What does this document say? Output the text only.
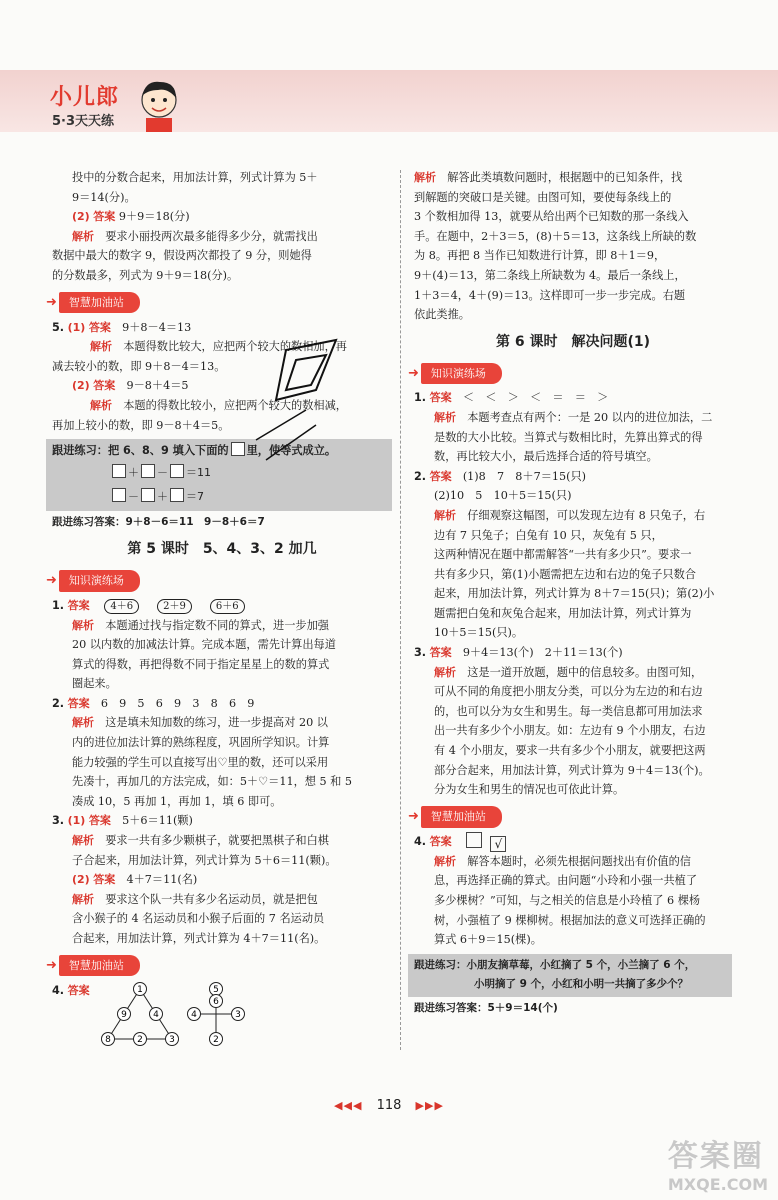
小儿郎
5·3天天练

投中的分数合起来，用加法计算，列式计算为 5＋

9＝14(分)。

(2) 答案 9＋9＝18(分)

解析　 要求小丽投两次最多能得多少分，就需找出

数据中最大的数字 9，假设两次都投了 9 分，则她得

的分数最多，列式为 9＋9＝18(分)。

➜	智慧加油站

5. (1) 答案　 9＋8－4＝13

解析　 本题得数比较大，应把两个较大的数相加，再

减去较小的数，即 9＋8－4＝13。

(2) 答案　 9－8＋4＝5

解析　 本题的得数比较小，应把两个较大的数相减，

再加上较小的数，即 9－8＋4＝5。

跟进练习：把 6、8、9 填入下面的 里，使等式成立。
＋ － ＝11
－ ＋ ＝7
跟进练习答案：9＋8－6＝11　9－8＋6＝7
第 5 课时　5、4、3、2 加几
➜	知识演练场

1. 答案　 4＋6	2＋9	6＋6

解析　 本题通过找与指定数不同的算式，进一步加强

20 以内数的加减法计算。完成本题，需先计算出每道

算式的得数，再把得数不同于指定星星上的数的算式

圈起来。

2. 答案　 6　9　5　6　9　3　8　6　9

解析　 这是填未知加数的练习，进一步提高对 20 以

内的进位加法计算的熟练程度，巩固所学知识。计算

能力较强的学生可以直接写出♡里的数，还可以采用

先凑十，再加几的方法完成，如：5＋♡＝11，想 5 和 5

凑成 10，5 再加 1，再加 1，填 6 即可。

3. (1) 答案　 5＋6＝11(颗)

解析　 要求一共有多少颗棋子，就要把黑棋子和白棋

子合起来，用加法计算，列式计算为 5＋6＝11(颗)。

(2) 答案　 4＋7＝11(名)

解析　 要求这个队一共有多少名运动员，就是把包

含小猴子的 4 名运动员和小猴子后面的 7 名运动员

合起来，用加法计算，列式计算为 4＋7＝11(名)。

➜	智慧加油站
4. 答案	1
9	4
8	2	3
5
6
4	3
2

解析　 解答此类填数问题时，根据题中的已知条件，找

到解题的突破口是关键。由图可知，要使每条线上的

3 个数相加得 13，就要从给出两个已知数的那一条线入

手。在题中，2＋3＝5，(8)＋5＝13，这条线上所缺的数

为 8。再把 8 当作已知数进行计算，即 8＋1＝9，

9＋(4)＝13，第二条线上所缺数为 4。最后一条线上，

1＋3＝4，4＋(9)＝13。这样即可一步一步完成。右题

依此类推。

第 6 课时　解决问题(1)
➜	知识演练场

1. 答案　 ＜　＜　＞　＜　＝　＝　＞

解析　 本题考查点有两个：一是 20 以内的进位加法，二

是数的大小比较。当算式与数相比时，先算出算式的得

数，再比较大小，最后选择合适的符号填空。

2. 答案　 (1)8　7　8＋7＝15(只)

(2)10　5　10＋5＝15(只)

解析　 仔细观察这幅图，可以发现左边有 8 只兔子，右

边有 7 只兔子；白兔有 10 只，灰兔有 5 只，

这两种情况在题中都需解答“一共有多少只”。要求一

共有多少只，第(1)小题需把左边和右边的兔子只数合

起来，用加法计算，列式计算为 8＋7＝15(只)；第(2)小

题需把白兔和灰兔合起来，用加法计算，列式计算为

10＋5＝15(只)。

3. 答案　 9＋4＝13(个)　2＋11＝13(个)

解析　 这是一道开放题，题中的信息较多。由图可知，

可从不同的角度把小朋友分类，可以分为左边的和右边

的，也可以分为女生和男生。每一类信息都可用加法求

出一共有多少个小朋友。如：左边有 9 个小朋友，右边

有 4 个小朋友，要求一共有多少个小朋友，就要把这两

部分合起来，用加法计算，列式计算为 9＋4＝13(个)。

分为女生和男生的情况也可依此计算。

➜	智慧加油站

4. 答案　	√

解析　 解答本题时，必须先根据问题找出有价值的信

息，再选择正确的算式。由问题“小玲和小强一共植了

多少棵树？”可知，与之相关的信息是小玲植了 6 棵杨

树，小强植了 9 棵柳树。根据加法的意义可选择正确的

算式 6＋9＝15(棵)。

跟进练习：小朋友摘草莓，小红摘了 5 个，小兰摘了 6 个，
小明摘了 9 个，小红和小明一共摘了多少个？
跟进练习答案：5＋9＝14(个)
◀◀◀ 118 ▶▶▶
答案圈
MXQE.COM
